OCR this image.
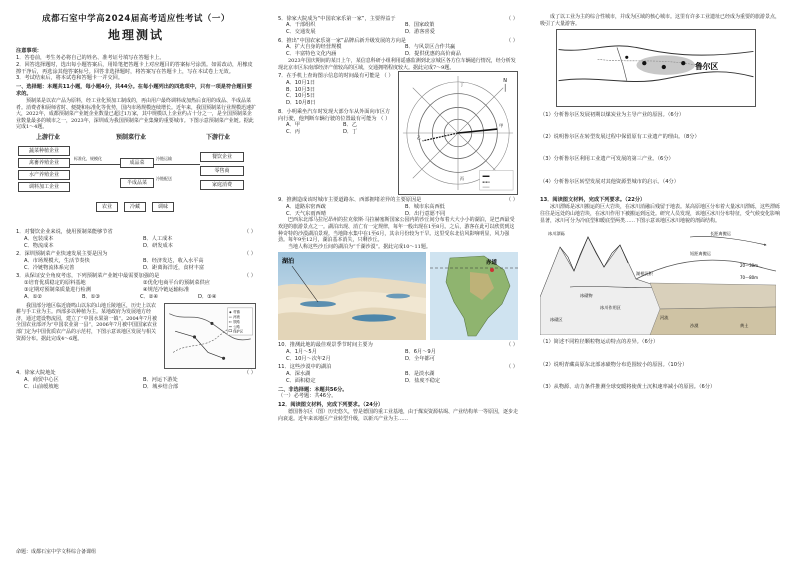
成都石室中学高2024届高考适应性考试（一）
地理测试
注意事项：
1．答卷前，考生务必将自己的姓名、准考证号填写在答题卡上。
2．回答选择题时，选出每小题答案后，用铅笔把答题卡上对应题目的答案标号涂黑。如需改动，用橡皮擦干净后，再选涂其他答案标号。回答非选择题时，将答案写在答题卡上，写在本试卷上无效。
3．考试结束后，将本试卷和答题卡一并交回。
一、选择题：本题共11小题，每小题4分，共44分。在每小题列出的四选项中，只有一项是符合题目要求的。
预制菜是以农产品为原料，经工业化预加工制成的，再由用户最终调料或加热后食用的成品、半成品菜肴。消费者和厨师省时、便捷和标准化等优势，国内市场规模连续增长。近年来，我国预制菜行业规模迅速扩大，2022年，成都预制菜产业链企业数量已超过1万家，其中规模以上企业约占十分之一，是全国预制菜企业数量最多的城市之一，2023年，深圳成为我国预制菜产业集聚的重要城市。下图示意预制菜产业链。据此完成1～4题。
上游行业	预制菜行业	下游行业
蔬菜种植企业
禽畜养殖企业
水产养殖企业
调料加工企业
标准化，规模化
成品菜
半成品菜
冷链运输
冷链配送
餐饮企业
零售商
家庭消费
农业	冷藏	调味
1．对餐饮企业来说，使用预制菜能够节省	（ ）
A．包装成本	B．人工成本
C．物流成本	D．研发成本
2．深圳预制菜产业快速发展主要是因为	（ ）
A．市场规模大，生活节奏快	B．经济发达，收入水平高
C．冷链物流体系完善	D．距离海洋近，食材丰富
3．从保证安全角度考虑，下列预制菜产业链中最需要加强的是	（ ）
①培育优质稳定的原料基地	②优化电商平台的预制菜供应
③定期对预制菜质量进行检测	④规范冷链运输标准
A．①②	B．①③	C．②④	D．③④
我国部分地区临近鹿鸣山以东的山地丘陵地区，历史上以农耕与手工业为主。西部多以种植为主。某地政府为发展地方经济，通过建设物流园，建立了“中国水果第一镇”。2004年7月被全国农业部评为“中国农业第一县”，2006年7月被中国国家农业部门定为中国优质农产品的示范村，下图示意该地区发展与相关资源分布。据此完成4～6题。
村镇
河流
铁路
公路
保护区
4．徐家大院地处	（ ）
A．商贸中心区	B．河运下游处
C．山前缓坡地	D．城乡结合部
5．徐家大院成为“中国农家乐第一家”，主要得益于	（ ）
A．干部组织	B．国家政策
C．交通发展	D．游客喜爱
6．推出“中国农家乐第一家”品牌后新升级发展的方向是	（ ）
A．扩大自身的经营规模	B．与风景区合作共赢
C．丰富特色文化内涵	D．提供优惠的高价商品
2023年国庆期间的某日上午，某信息科研小组利用遥感监测到北京城区各方位车辆通行情况，经分析发现北京市区东南部经济产值较高的区域，交通拥堵程度较大。据此完成7～9题。
7．在手机上查询图示信息的时间最有可能是 （ ）
A．10月1日
B．10月3日
C．10月5日
D．10月8日
8．小明乘坐汽车时发现大部分车从外面向市区方向行驶，他判断车辆行驶的位置最有可能为 （ ）
A．甲	B．乙
C．丙	D．丁
N
甲
乙
丙
丁
9．推测造成该时城市主要道路东、西部拥堵差异的主要原因是	（ ）
A．道路东密西疏	B．城市东高西低
C．天气东雨西晴	D．出行意愿不同
巴西东北部马拉尼昂州的拉克依斯·马拉赫塞斯国家公园内的沙丘间分布着大大小小的湖泊，是巴西最受欢迎的旅游景点之一。湖泊出现、消亡有一定规律，每年一般出现在1至8月。之后，游客在此可以欣赏到这种奇特的沙漠湖泊景观。当地降水集中在1至6月，其余月份较为干旱。这里受东北信风影响明显，风力强劲。每年9至12月，湖泊基本消失，只剩沙丘。
当地人称这些沙丘间的湖泊为“千湖沙漠”。据此完成10～11题。
湖泊	赤道
10．推测此地的最佳观景季节时间主要为	（ ）
A．1月～5月	B．6月～9月
C．10月～次年2月	D．全年都可
11．这些沙漠中的湖泊	（ ）
A．深水湖	B．是淡水湖
C．面积稳定	D．盐度不稳定
二、非选择题：本题共56分。
（一）必考题：共46分。
12．阅读图文材料，完成下列要求。（24分）
德国鲁尔区（图）历史悠久，曾是德国的重工业基地，由于煤炭资源枯竭、产业结构单一等原因，逐步走向衰退。近年来该地区产业转型升级，以新兴产业为主……
成了以工业为主的综合性城市，并成为区域的核心城市。这里有许多工业遗址已经成为重要的旅游景点，吸引了大量游客。
鲁尔区
（1）分析鲁尔区发展初期以煤炭业为主导产业的原因。（6分）
（2）说明鲁尔区在转型发展过程中保留原有工业遗产的理由。（8分）
（3）分析鲁尔区利用工业遗产可发展的第三产业。（6分）
（4）分析鲁尔区转型发展对其他资源型城市的启示。（4分）
13．阅读图文材料，完成下列要求。（22分）
冰川漂砾是冰川搬运的巨大岩块，在冰川消融后残留于地表。某高原地区分布着大量冰川漂砾，这些漂砾往往是远处的山地岩块，在冰川作用下被搬运到远处。研究人员发现，该地区冰川分布特征，受气候变化影响显著，冰川可分为冷底型和暖底型两类……下图示意该地区冰川地貌的剖面结构。
冰川漂砾
冰碛物
长距离搬运
短距离搬运
冰川作用区
黄土
沙漠
河流
冰碛区
湖相沉积
20～30m
70～80m
（1）简述不同粒径颗粒物运动特点的差异。（6分）
（2）说明青藏高原东北部冰碛物分布范围较小的原因。（10分）
（3）从物源、动力条件推测全球变暖将使黄土沉积速率减小的原因。（6分）
命题：成都石室中学文科综合备课组
